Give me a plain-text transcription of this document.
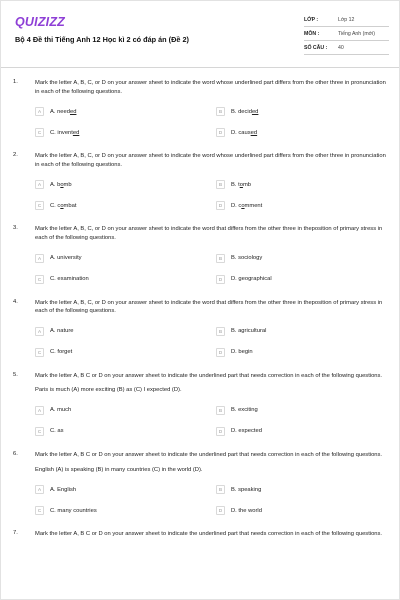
QUIZIZZ
Bộ 4 Đề thi Tiếng Anh 12 Học kì 2 có đáp án (Đề 2)
LỚP :	Lớp 12
MÔN :	Tiếng Anh (mới)
SỐ CÂU :	40
1.	Mark the letter A, B, C, or D on your answer sheet to indicate the word whose underlined part differs from the other three in pronunciation in each of the following questions.
A	A. needed	B	B. decided
C	C. invented	D	D. caused
2.	Mark the letter A, B, C, or D on your answer sheet to indicate the word whose underlined part differs from the other three in pronunciation in each of the following questions.
A	A. bomb	B	B. tomb
C	C. combat	D	D. comment
3.	Mark the letter A, B, C, or D on your answer sheet to indicate the word that differs from the other three in theposition of primary stress in each of the following questions.
A	A. university	B	B. sociology
C	C. examination	D	D. geographical
4.	Mark the letter A, B, C, or D on your answer sheet to indicate the word that differs from the other three in theposition of primary stress in each of the following questions.
A	A. nature	B	B. agricultural
C	C. forget	D	D. begin
5.	Mark the letter A, B C or D on your answer sheet to indicate the underlined part that needs correction in each of the following questions.
Paris is much (A) more exciting (B) as (C) I expected (D).
A	A. much	B	B. exciting
C	C. as	D	D. expected
6.	Mark the letter A, B C or D on your answer sheet to indicate the underlined part that needs correction in each of the following questions.
English (A) is speaking (B) in many countries (C) in the world (D).
A	A. English	B	B. speaking
C	C. many countries	D	D. the world
7.	Mark the letter A, B C or D on your answer sheet to indicate the underlined part that needs correction in each of the following questions.
